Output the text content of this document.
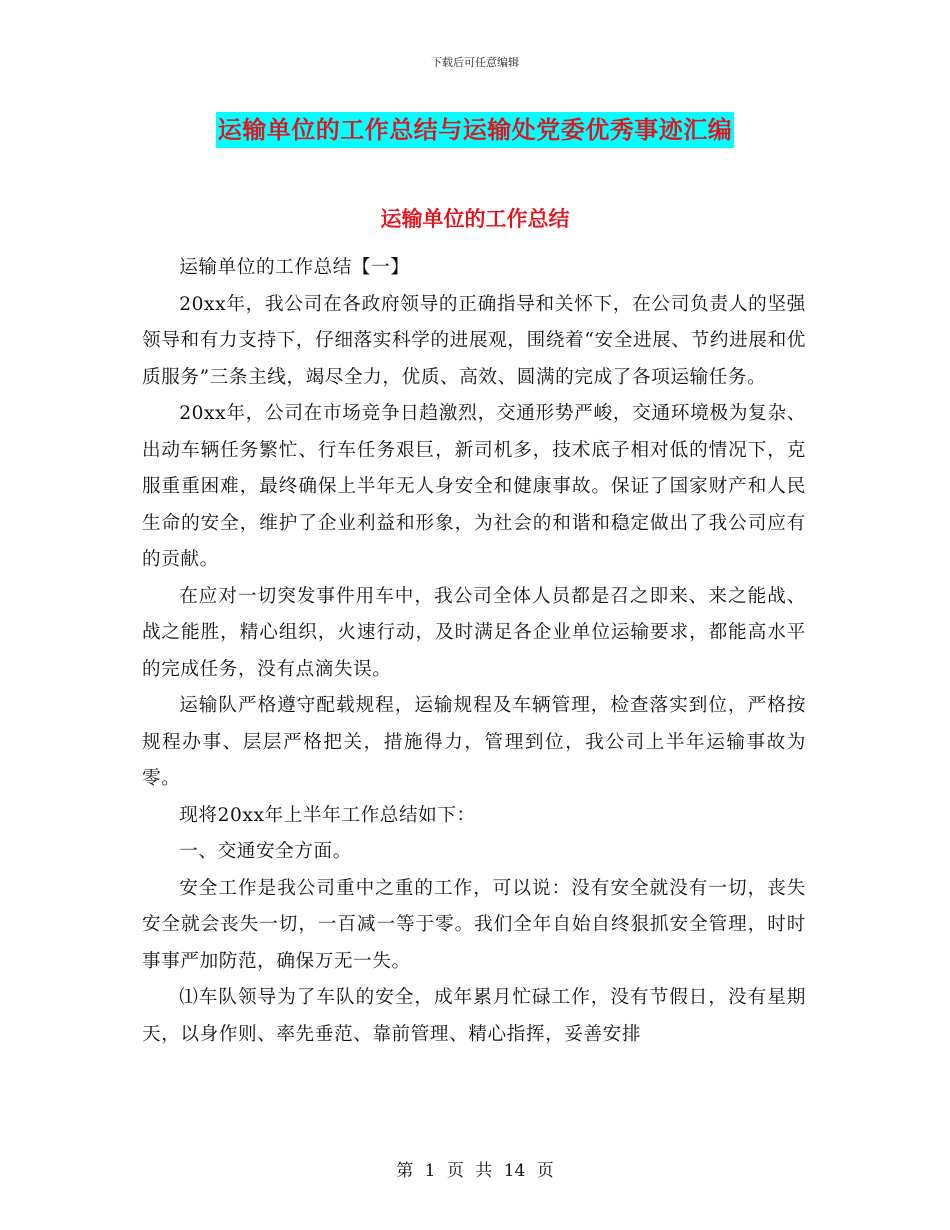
下载后可任意编辑
运输单位的工作总结与运输处党委优秀事迹汇编
运输单位的工作总结

运输单位的工作总结【一】

20xx年，我公司在各政府领导的正确指导和关怀下，在公司负责人的坚强领导和有力支持下，仔细落实科学的进展观，围绕着“安全进展、节约进展和优质服务”三条主线，竭尽全力，优质、高效、圆满的完成了各项运输任务。

20xx年，公司在市场竞争日趋激烈，交通形势严峻，交通环境极为复杂、出动车辆任务繁忙、行车任务艰巨，新司机多，技术底子相对低的情况下，克服重重困难，最终确保上半年无人身安全和健康事故。保证了国家财产和人民生命的安全，维护了企业利益和形象，为社会的和谐和稳定做出了我公司应有的贡献。

在应对一切突发事件用车中，我公司全体人员都是召之即来、来之能战、战之能胜，精心组织，火速行动，及时满足各企业单位运输要求，都能高水平的完成任务，没有点滴失误。

运输队严格遵守配载规程，运输规程及车辆管理，检查落实到位，严格按规程办事、层层严格把关，措施得力，管理到位，我公司上半年运输事故为零。

现将20xx年上半年工作总结如下：

一、交通安全方面。

安全工作是我公司重中之重的工作，可以说：没有安全就没有一切，丧失安全就会丧失一切，一百减一等于零。我们全年自始自终狠抓安全管理，时时事事严加防范，确保万无一失。

⑴车队领导为了车队的安全，成年累月忙碌工作，没有节假日，没有星期天，以身作则、率先垂范、靠前管理、精心指挥，妥善安排

第 1 页 共 14 页
